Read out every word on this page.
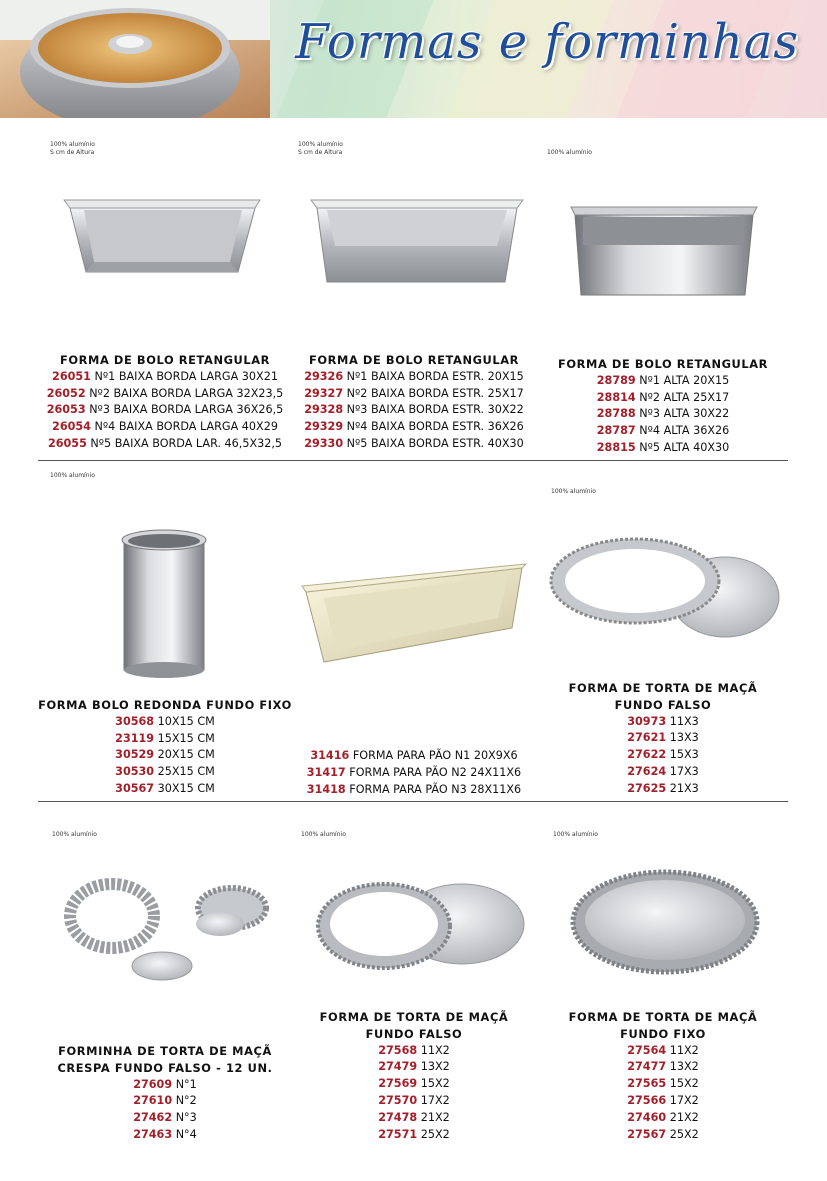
Formas e forminhas
100% alumínio
S cm de Altura
100% alumínio
S cm de Altura	100% alumínio
FORMA DE BOLO RETANGULAR
26051 Nº1 BAIXA BORDA LARGA 30X21
26052 Nº2 BAIXA BORDA LARGA 32X23,5
26053 Nº3 BAIXA BORDA LARGA 36X26,5
26054 Nº4 BAIXA BORDA LARGA 40X29
26055 Nº5 BAIXA BORDA LAR. 46,5X32,5
FORMA DE BOLO RETANGULAR
29326 Nº1 BAIXA BORDA ESTR. 20X15
29327 Nº2 BAIXA BORDA ESTR. 25X17
29328 Nº3 BAIXA BORDA ESTR. 30X22
29329 Nº4 BAIXA BORDA ESTR. 36X26
29330 Nº5 BAIXA BORDA ESTR. 40X30
FORMA DE BOLO RETANGULAR
28789 Nº1 ALTA 20X15
28814 Nº2 ALTA 25X17
28788 Nº3 ALTA 30X22
28787 Nº4 ALTA 36X26
28815 Nº5 ALTA 40X30
100% alumínio
100% alumínio
FORMA BOLO REDONDA FUNDO FIXO
30568 10X15 CM
23119 15X15 CM
30529 20X15 CM
30530 25X15 CM
30567 30X15 CM
31416 FORMA PARA PÃO N1 20X9X6
31417 FORMA PARA PÃO N2 24X11X6
31418 FORMA PARA PÃO N3 28X11X6
FORMA DE TORTA DE MAÇÃ
FUNDO FALSO
30973 11X3
27621 13X3
27622 15X3
27624 17X3
27625 21X3
100% alumínio	100% alumínio	100% alumínio
FORMINHA DE TORTA DE MAÇÃ
CRESPA FUNDO FALSO - 12 UN.
27609 N°1
27610 N°2
27462 N°3
27463 N°4
FORMA DE TORTA DE MAÇÃ
FUNDO FALSO
27568 11X2
27479 13X2
27569 15X2
27570 17X2
27478 21X2
27571 25X2
FORMA DE TORTA DE MAÇÃ
FUNDO FIXO
27564 11X2
27477 13X2
27565 15X2
27566 17X2
27460 21X2
27567 25X2
